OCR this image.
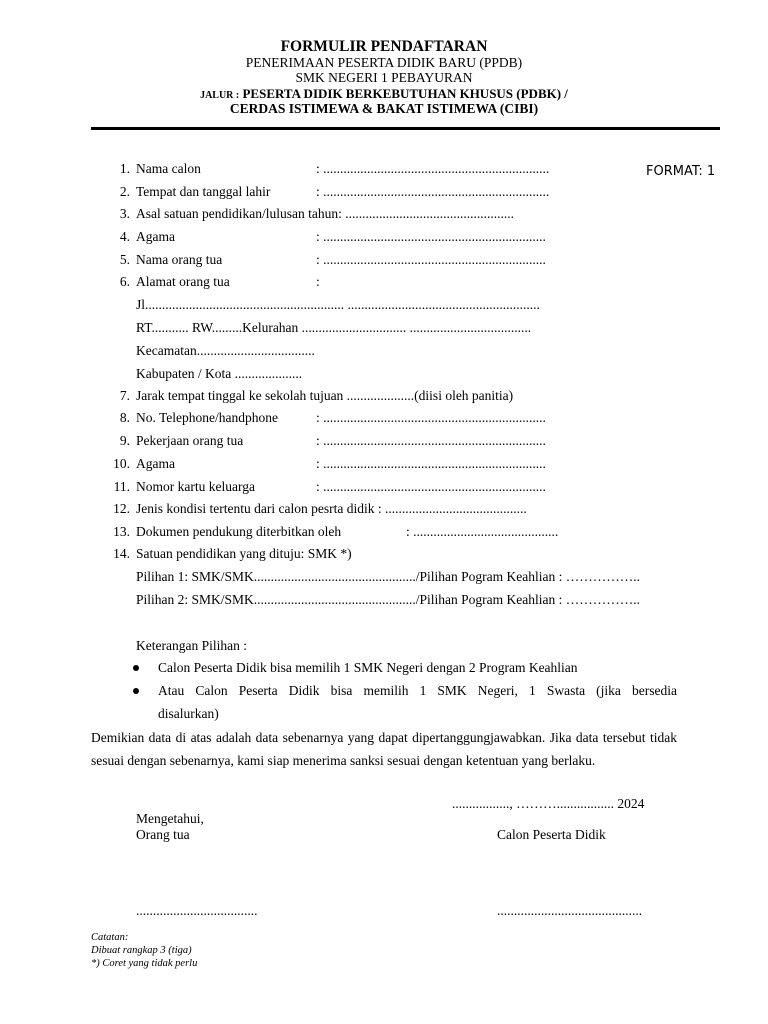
FORMULIR PENDAFTARAN
PENERIMAAN PESERTA DIDIK BARU (PPDB)
SMK NEGERI 1 PEBAYURAN
JALUR : PESERTA DIDIK BERKEBUTUHAN KHUSUS (PDBK) /
CERDAS ISTIMEWA & BAKAT ISTIMEWA (CIBI)
FORMAT: 1
1. Nama calon	: ...................................................................
2. Tempat dan tanggal lahir	: ...................................................................
3. Asal satuan pendidikan/lulusan tahun: ..................................................
4. Agama	: ..................................................................
5. Nama orang tua	: ..................................................................
6. Alamat orang tua	:
Jl........................................................... .........................................................
RT........... RW.........Kelurahan ............................... ....................................
Kecamatan...................................
Kabupaten / Kota ....................
7. Jarak tempat tinggal ke sekolah tujuan ....................(diisi oleh panitia)
8. No. Telephone/handphone	: ..................................................................
9. Pekerjaan orang tua	: ..................................................................
10. Agama	: ..................................................................
11. Nomor kartu keluarga	: ..................................................................
12. Jenis kondisi tertentu dari calon pesrta didik : ..........................................
13. Dokumen pendukung diterbitkan oleh	: ...........................................
14. Satuan pendidikan yang dituju: SMK *)
Pilihan 1: SMK/SMK................................................/Pilihan Pogram Keahlian : ……………..
Pilihan 2: SMK/SMK................................................/Pilihan Pogram Keahlian : ……………..
Keterangan Pilihan :
Calon Peserta Didik bisa memilih 1 SMK Negeri dengan 2 Program Keahlian
Atau Calon Peserta Didik bisa memilih 1 SMK Negeri, 1 Swasta (jika bersedia
disalurkan)
Demikian data di atas adalah data sebenarnya yang dapat dipertanggungjawabkan. Jika data tersebut tidak sesuai dengan sebenarnya, kami siap menerima sanksi sesuai dengan ketentuan yang berlaku.
................., ………................. 2024
Mengetahui,
Orang tua	Calon Peserta Didik
....................................	...........................................
Catatan:
Dibuat rangkap 3 (tiga)
*) Coret yang tidak perlu
